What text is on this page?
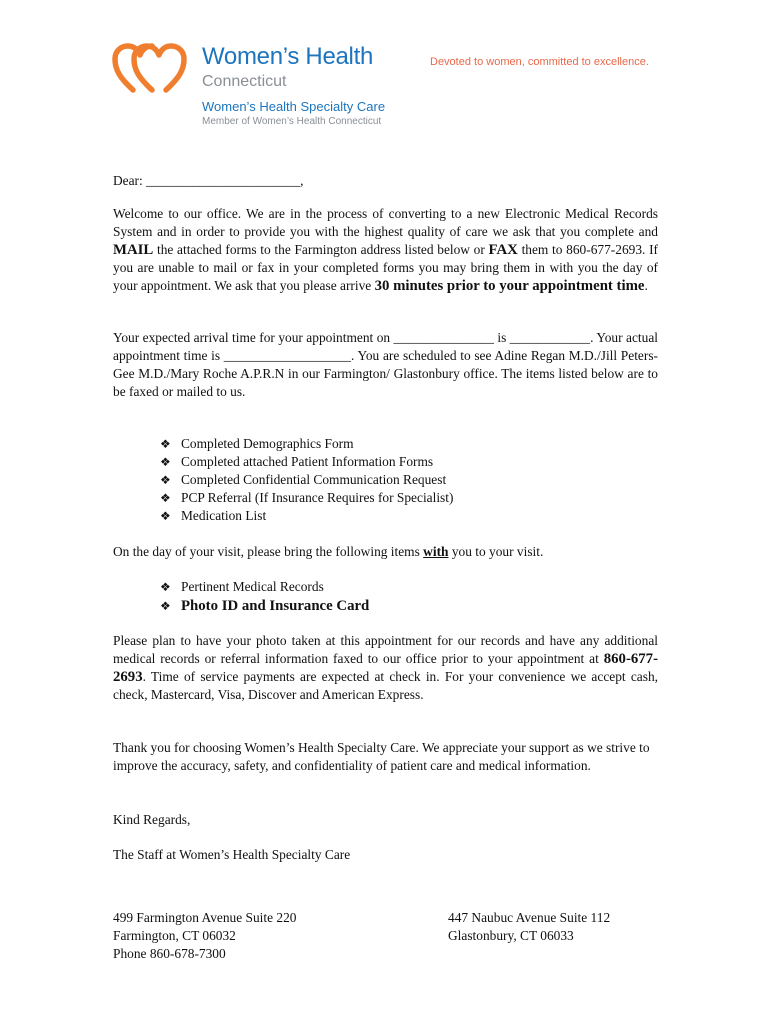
Women’s Health
Connecticut
Women’s Health Specialty Care
Member of Women’s Health Connecticut
Devoted to women, committed to excellence.
Dear: _______________________,
Welcome to our office. We are in the process of converting to a new Electronic Medical Records System and in order to provide you with the highest quality of care we ask that you complete and MAIL the attached forms to the Farmington address listed below or FAX them to 860-677-2693. If you are unable to mail or fax in your completed forms you may bring them in with you the day of your appointment. We ask that you please arrive 30 minutes prior to your appointment time.
Your expected arrival time for your appointment on _______________ is ____________. Your actual appointment time is ___________________. You are scheduled to see Adine Regan M.D./Jill Peters-Gee M.D./Mary Roche A.P.R.N in our Farmington/ Glastonbury office. The items listed below are to be faxed or mailed to us.
❖ Completed Demographics Form
❖ Completed attached Patient Information Forms
❖ Completed Confidential Communication Request
❖ PCP Referral (If Insurance Requires for Specialist)
❖ Medication List
On the day of your visit, please bring the following items with you to your visit.
❖ Pertinent Medical Records
❖ Photo ID and Insurance Card
Please plan to have your photo taken at this appointment for our records and have any additional medical records or referral information faxed to our office prior to your appointment at 860-677-2693. Time of service payments are expected at check in. For your convenience we accept cash, check, Mastercard, Visa, Discover and American Express.
Thank you for choosing Women’s Health Specialty Care. We appreciate your support as we strive to improve the accuracy, safety, and confidentiality of patient care and medical information.
Kind Regards,
The Staff at Women’s Health Specialty Care
499 Farmington Avenue Suite 220
Farmington, CT 06032
Phone 860-678-7300
447 Naubuc Avenue Suite 112
Glastonbury, CT 06033
